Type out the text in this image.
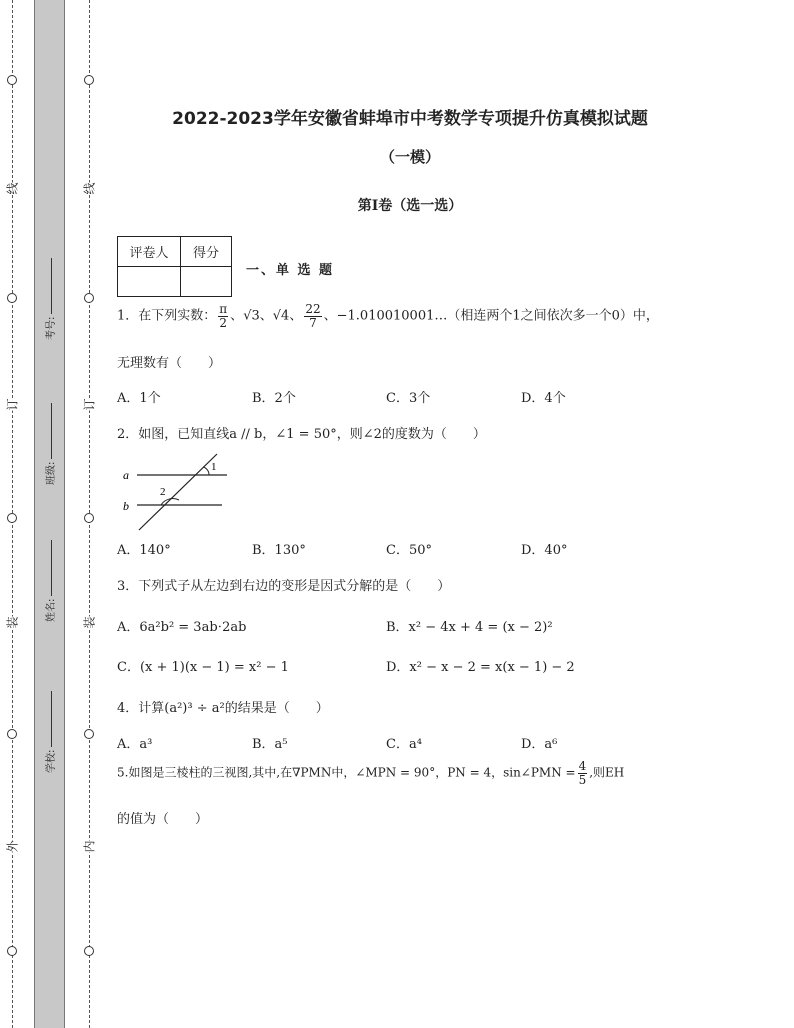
线
订
装
外
线
订
装
内
考号:
班级:
姓名:
学校:
2022-2023学年安徽省蚌埠市中考数学专项提升仿真模拟试题
（一模）
第I卷（选一选）
评卷人	得分

一、单 选 题
1．在下列实数： $\frac{\pi}{2}$ 、√3、√4、 $\frac{22}{7}$ 、−1.010010001…（相连两个1之间依次多一个0）中，
无理数有（　　）
A．1个	B．2个	C．3个	D．4个
2．如图，已知直线a // b，∠1 = 50°，则∠2的度数为（　　）
a
b
1
2
A．140°	B．130°	C．50°	D．40°
3．下列式子从左边到右边的变形是因式分解的是（　　）
A．6a²b² = 3ab⋅2ab	B．x² − 4x + 4 = (x − 2)²
C．(x + 1)(x − 1) = x² − 1	D．x² − x − 2 = x(x − 1) − 2
4．计算(a²)³ ÷ a²的结果是（　　）
A．a³	B．a⁵	C．a⁴	D．a⁶
5.如图是三棱柱的三视图,其中,在∇PMN中，∠MPN = 90°，PN = 4，sin∠PMN = $\frac{4}{5}$ ,则EH
的值为（　　）
